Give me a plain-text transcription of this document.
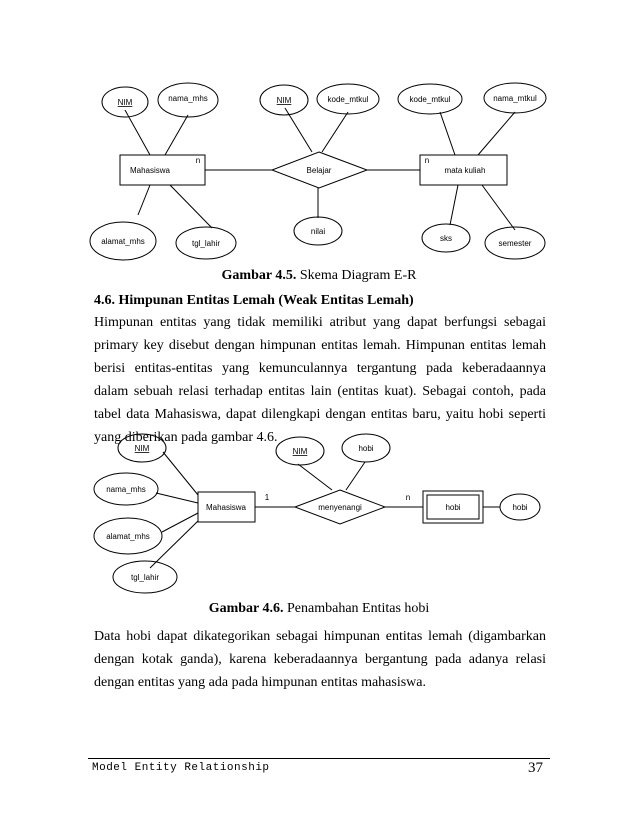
NIM	nama_mhs	NIM	kode_mtkul	kode_mtkul	nama_mtkul
alamat_mhs	tgl_lahir
nilai
sks
semester
Mahasiswa	mata kuliah
Belajar
n	n
Gambar 4.5. Skema Diagram E-R
4.6. Himpunan Entitas Lemah (Weak Entitas Lemah)

Himpunan entitas yang tidak memiliki atribut yang dapat berfungsi sebagai primary key disebut dengan himpunan entitas lemah. Himpunan entitas lemah berisi entitas-entitas yang kemunculannya tergantung pada keberadaannya dalam sebuah relasi terhadap entitas lain (entitas kuat). Sebagai contoh, pada tabel data Mahasiswa, dapat dilengkapi dengan entitas baru, yaitu hobi seperti yang diberikan pada gambar 4.6.

NIM
nama_mhs
alamat_mhs
tgl_lahir
NIM	hobi
hobi
Mahasiswa	hobi
menyenangi
1	n
Gambar 4.6. Penambahan Entitas hobi

Data hobi dapat dikategorikan sebagai himpunan entitas lemah (digambarkan dengan kotak ganda), karena keberadaannya bergantung pada adanya relasi dengan entitas yang ada pada himpunan entitas mahasiswa.

Model Entity Relationship	37
